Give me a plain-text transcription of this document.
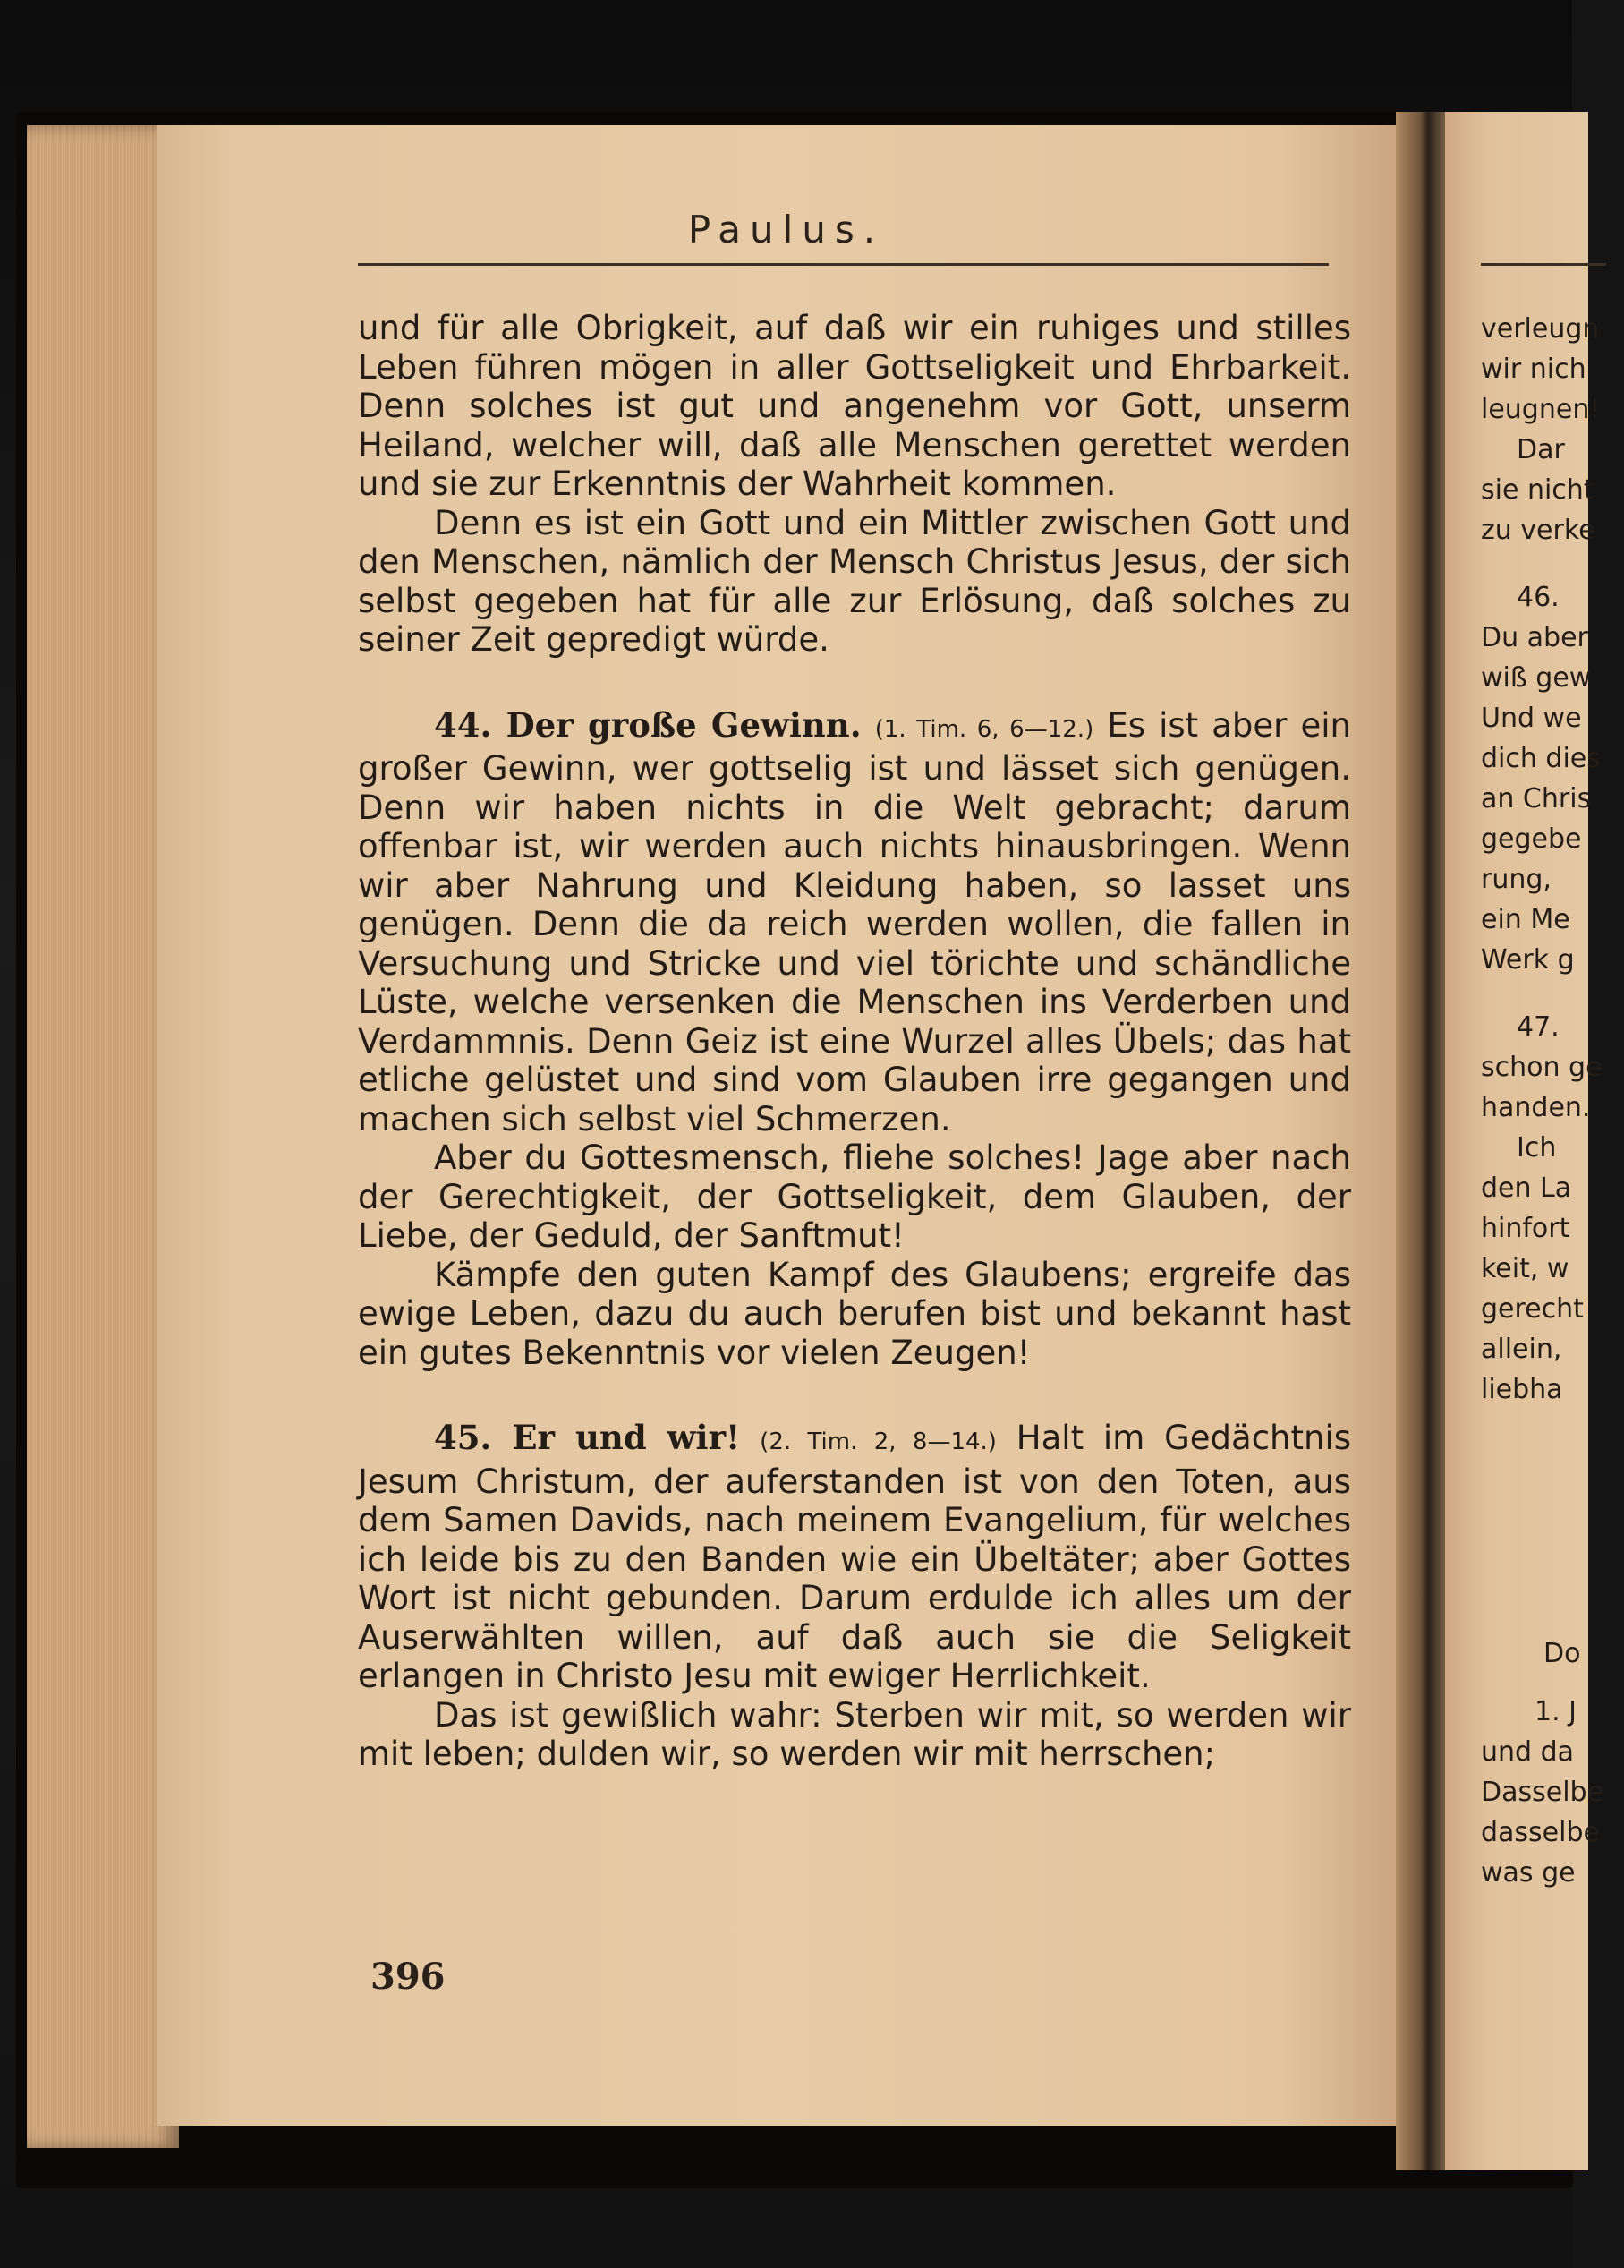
verleugn
wir nich
leugnen!
Dar
sie nicht
zu verke
46.
Du aber
wiß gew
Und we
dich dies
an Chris
gegebe
rung,
ein Me
Werk g
47.
schon ge
handen.
Ich
den La
hinfort
keit, w
gerecht
allein,
liebha
Do
1. J
und da
Dasselbe
dasselbe
was ge
Paulus.

und für alle Obrigkeit, auf daß wir ein ruhiges und stilles Leben führen mögen in aller Gottseligkeit und Ehrbarkeit. Denn solches ist gut und angenehm vor Gott, unserm Heiland, welcher will, daß alle Menschen gerettet werden und sie zur Erkenntnis der Wahrheit kommen.

Denn es ist ein Gott und ein Mittler zwischen Gott und den Menschen, nämlich der Mensch Christus Jesus, der sich selbst gegeben hat für alle zur Erlösung, daß solches zu seiner Zeit gepredigt würde.

44. Der große Gewinn. (1. Tim. 6, 6—12.) Es ist aber ein großer Gewinn, wer gottselig ist und lässet sich genügen. Denn wir haben nichts in die Welt gebracht; darum offenbar ist, wir werden auch nichts hinausbringen. Wenn wir aber Nahrung und Kleidung haben, so lasset uns genügen. Denn die da reich werden wollen, die fallen in Versuchung und Stricke und viel törichte und schändliche Lüste, welche versenken die Menschen ins Verderben und Verdammnis. Denn Geiz ist eine Wurzel alles Übels; das hat etliche gelüstet und sind vom Glauben irre gegangen und machen sich selbst viel Schmerzen.

Aber du Gottesmensch, fliehe solches! Jage aber nach der Gerechtigkeit, der Gottseligkeit, dem Glauben, der Liebe, der Geduld, der Sanftmut!

Kämpfe den guten Kampf des Glaubens; ergreife das ewige Leben, dazu du auch berufen bist und bekannt hast ein gutes Bekenntnis vor vielen Zeugen!

45. Er und wir! (2. Tim. 2, 8—14.) Halt im Gedächtnis Jesum Christum, der auferstanden ist von den Toten, aus dem Samen Davids, nach meinem Evangelium, für welches ich leide bis zu den Banden wie ein Übeltäter; aber Gottes Wort ist nicht gebunden. Darum erdulde ich alles um der Auserwählten willen, auf daß auch sie die Seligkeit erlangen in Christo Jesu mit ewiger Herrlichkeit.

Das ist gewißlich wahr: Sterben wir mit, so werden wir mit leben; dulden wir, so werden wir mit herrschen;

396
